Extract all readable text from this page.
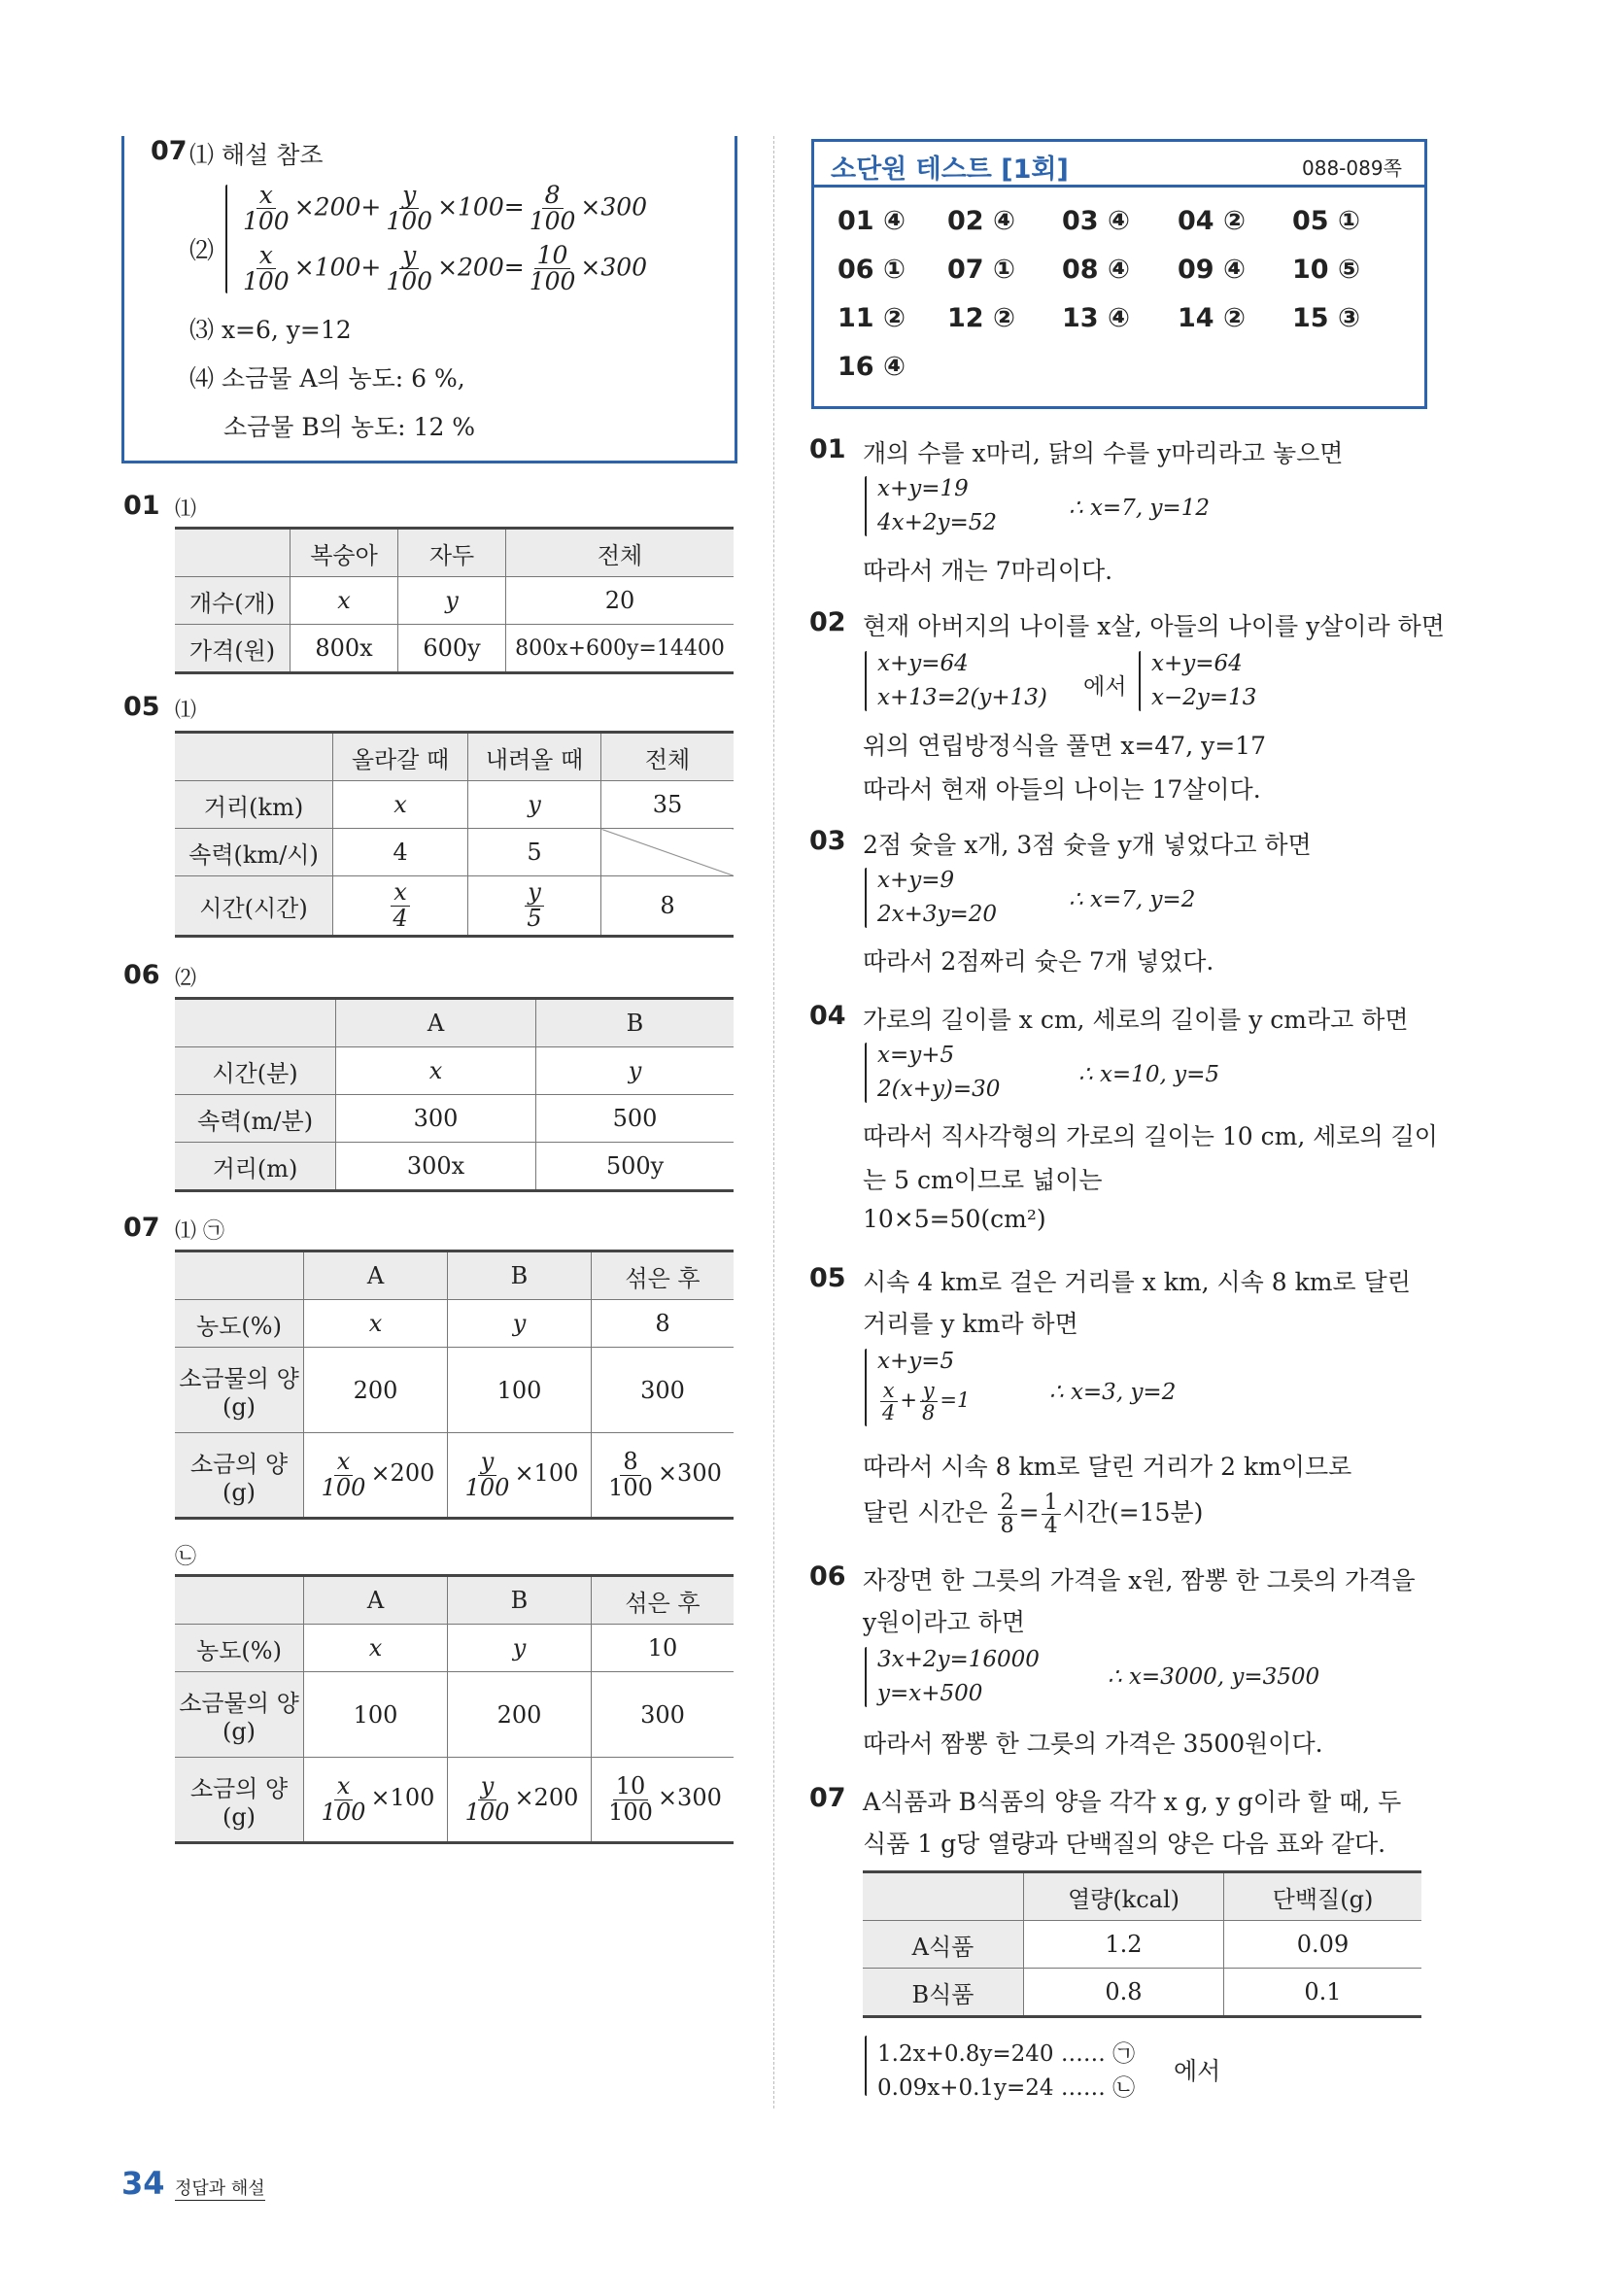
07 ⑴ 해설 참조
⑵
$\frac{x}{100} \times 200+ \frac{y}{100} \times 100= \frac{8}{100} \times 300$
$\frac{x}{100} \times 100+ \frac{y}{100} \times 200= \frac{10}{100} \times 300$
⑶ x=6, y=12
⑷ 소금물 A의 농도: 6 %,
소금물 B의 농도: 12 %
01 ⑴
	복숭아	자두	전체
개수(개)	x	y	20
가격(원)	800x	600y	800x+600y=14400
05 ⑴
	올라갈 때	내려올 때	전체
거리(km)	x	y	35
속력(km/시)	4	5	
시간(시간)	$\frac{x}{4}$	$\frac{y}{5}$	8
06 ⑵
	A	B
시간(분)	x	y
속력(m/분)	300	500
거리(m)	300x	500y
07 ⑴ ㉠
	A	B	섞은 후
농도(%)	x	y	8
소금물의 양(g)	200	100	300
소금의 양(g)	$\frac{x}{100} \times 200$	$\frac{y}{100} \times 100$	$\frac{8}{100} \times 300$
㉡
	A	B	섞은 후
농도(%)	x	y	10
소금물의 양(g)	100	200	300
소금의 양(g)	$\frac{x}{100} \times 100$	$\frac{y}{100} \times 200$	$\frac{10}{100} \times 300$
소단원 테스트 [1회]	088-089쪽
01 ④ 02 ④ 03 ④ 04 ② 05 ①
06 ① 07 ① 08 ④ 09 ④ 10 ⑤
11 ② 12 ② 13 ④ 14 ② 15 ③
16 ④
01 개의 수를 x마리, 닭의 수를 y마리라고 놓으면
x+y=19
4x+2y=52
∴ x=7, y=12
따라서 개는 7마리이다.
02 현재 아버지의 나이를 x살, 아들의 나이를 y살이라 하면
x+y=64
x+13=2(y+13) 에서
x+y=64
x−2y=13
위의 연립방정식을 풀면 x=47, y=17
따라서 현재 아들의 나이는 17살이다.
03 2점 슛을 x개, 3점 슛을 y개 넣었다고 하면
x+y=9
2x+3y=20
∴ x=7, y=2
따라서 2점짜리 슛은 7개 넣었다.
04 가로의 길이를 x cm, 세로의 길이를 y cm라고 하면
x=y+5
2(x+y)=30
∴ x=10, y=5
따라서 직사각형의 가로의 길이는 10 cm, 세로의 길이
는 5 cm이므로 넓이는
10×5=50(cm²)
05 시속 4 km로 걸은 거리를 x km, 시속 8 km로 달린
거리를 y km라 하면
x+y=5
$\frac{x}{4} + \frac{y}{8} =1$	∴ x=3, y=2
따라서 시속 8 km로 달린 거리가 2 km이므로
달린 시간은 $\frac{2}{8} = \frac{1}{4}$ 시간(=15분)
06 자장면 한 그릇의 가격을 x원, 짬뽕 한 그릇의 가격을
y원이라고 하면
3x+2y=16000
y=x+500
∴ x=3000, y=3500
따라서 짬뽕 한 그릇의 가격은 3500원이다.
07 A식품과 B식품의 양을 각각 x g, y g이라 할 때, 두
식품 1 g당 열량과 단백질의 양은 다음 표와 같다.
	열량(kcal)	단백질(g)
A식품	1.2	0.09
B식품	0.8	0.1
1.2x+0.8y=240 …… ㉠
0.09x+0.1y=24 …… ㉡
에서
34 정답과 해설
